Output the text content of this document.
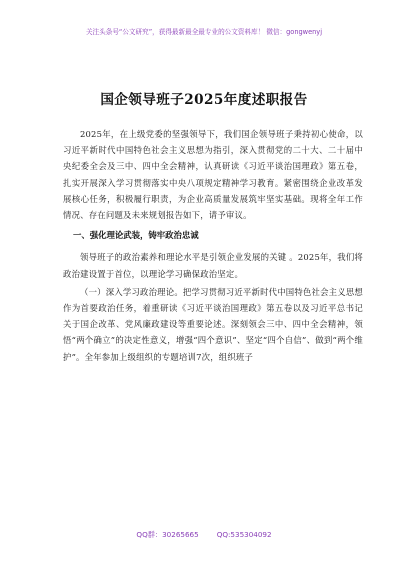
关注头条号“公文研究”，获得最新最全最专业的公文资料库！ 微信：gongwenyj
国企领导班子2025年度述职报告

2025年，在上级党委的坚强领导下，我们国企领导班子秉持初心使命，以习近平新时代中国特色社会主义思想为指引，深入贯彻党的二十大、二十届中央纪委全会及三中、四中全会精神，认真研读《习近平谈治国理政》第五卷，扎实开展深入学习贯彻落实中央八项规定精神学习教育。紧密围绕企业改革发展核心任务，积极履行职责，为企业高质量发展筑牢坚实基础。现将全年工作情况、存在问题及未来规划报告如下，请予审议。

一、强化理论武装，铸牢政治忠诚

领导班子的政治素养和理论水平是引领企业发展的关键 。2025年，我们将政治建设置于首位，以理论学习确保政治坚定。

（一）深入学习政治理论。把学习贯彻习近平新时代中国特色社会主义思想作为首要政治任务，着重研读《习近平谈治国理政》第五卷以及习近平总书记关于国企改革、党风廉政建设等重要论述。深刻领会三中、四中全会精神，领悟“两个确立”的决定性意义，增强“四个意识”、坚定“四个自信”、做到“两个维护”。全年参加上级组织的专题培训7次，组织班子

QQ群：30265665	QQ:535304092
